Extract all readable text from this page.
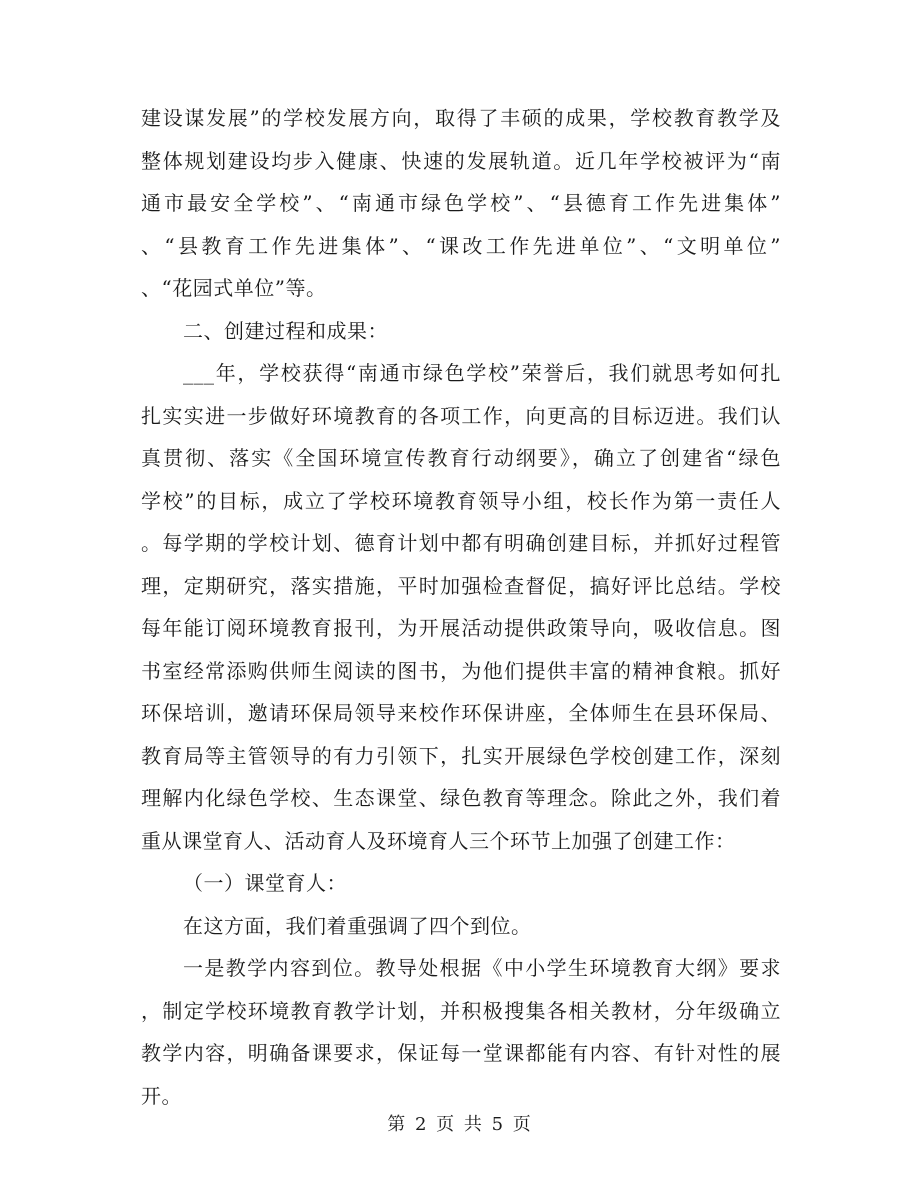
建设谋发展”的学校发展方向，取得了丰硕的成果，学校教育教学及
整体规划建设均步入健康、快速的发展轨道。近几年学校被评为“南
通市最安全学校”、“南通市绿色学校”、“县德育工作先进集体”
、“县教育工作先进集体”、“课改工作先进单位”、“文明单位”
、“花园式单位”等。
二、创建过程和成果：
___年，学校获得“南通市绿色学校”荣誉后，我们就思考如何扎
扎实实进一步做好环境教育的各项工作，向更高的目标迈进。我们认
真贯彻、落实《全国环境宣传教育行动纲要》，确立了创建省“绿色
学校”的目标，成立了学校环境教育领导小组，校长作为第一责任人
。每学期的学校计划、德育计划中都有明确创建目标，并抓好过程管
理，定期研究，落实措施，平时加强检查督促，搞好评比总结。学校
每年能订阅环境教育报刊，为开展活动提供政策导向，吸收信息。图
书室经常添购供师生阅读的图书，为他们提供丰富的精神食粮。抓好
环保培训，邀请环保局领导来校作环保讲座，全体师生在县环保局、
教育局等主管领导的有力引领下，扎实开展绿色学校创建工作，深刻
理解内化绿色学校、生态课堂、绿色教育等理念。除此之外，我们着
重从课堂育人、活动育人及环境育人三个环节上加强了创建工作：
（一）课堂育人：
在这方面，我们着重强调了四个到位。
一是教学内容到位。教导处根据《中小学生环境教育大纲》要求
，制定学校环境教育教学计划，并积极搜集各相关教材，分年级确立
教学内容，明确备课要求，保证每一堂课都能有内容、有针对性的展
开。
第 2 页 共 5 页
